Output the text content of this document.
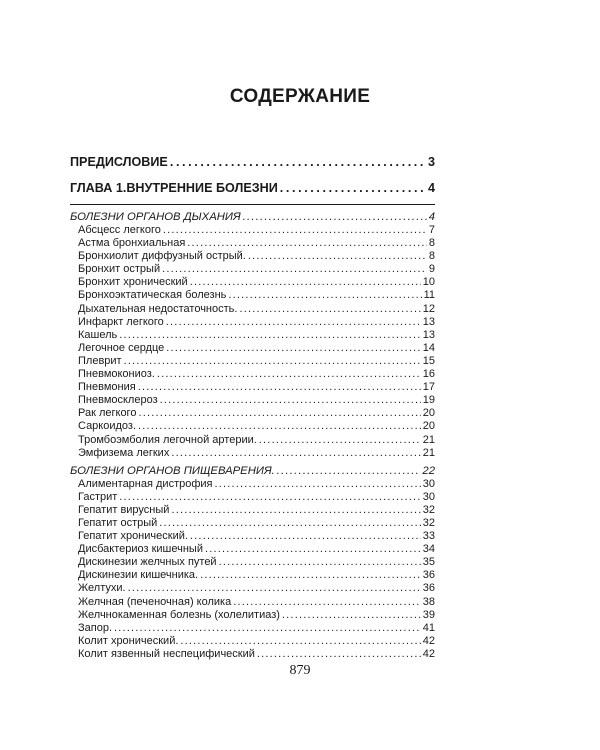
СОДЕРЖАНИЕ
ПРЕДИСЛОВИЕ .....	3
ГЛАВА 1.ВНУТРЕННИЕ БОЛЕЗНИ .....	4
БОЛЕЗНИ ОРГАНОВ ДЫХАНИЯ .....	4
Абсцесс легкого .....	7
Астма бронхиальная .....	8
Бронхиолит диффузный острый. .....	8
Бронхит острый .....	9
Бронхит хронический .....	10
Бронхоэктатическая болезнь .....	11
Дыхательная недостаточность. .....	12
Инфаркт легкого .....	13
Кашель .....	13
Легочное сердце .....	14
Плеврит .....	15
Пневмокониоз. .....	16
Пневмония .....	17
Пневмосклероз .....	19
Рак легкого .....	20
Саркоидоз. .....	20
Тромбоэмболия легочной артерии. .....	21
Эмфизема легких .....	21
БОЛЕЗНИ ОРГАНОВ ПИЩЕВАРЕНИЯ. .....	22
Алиментарная дистрофия .....	30
Гастрит .....	30
Гепатит вирусный .....	32
Гепатит острый .....	32
Гепатит хронический. .....	33
Дисбактериоз кишечный .....	34
Дискинезии желчных путей .....	35
Дискинезии кишечника. .....	36
Желтухи. .....	36
Желчная (печеночная) колика .....	38
Желчнокаменная болезнь (холелитиаз) .....	39
Запор. .....	41
Колит хронический. .....	42
Колит язвенный неспецифический .....	42
879
